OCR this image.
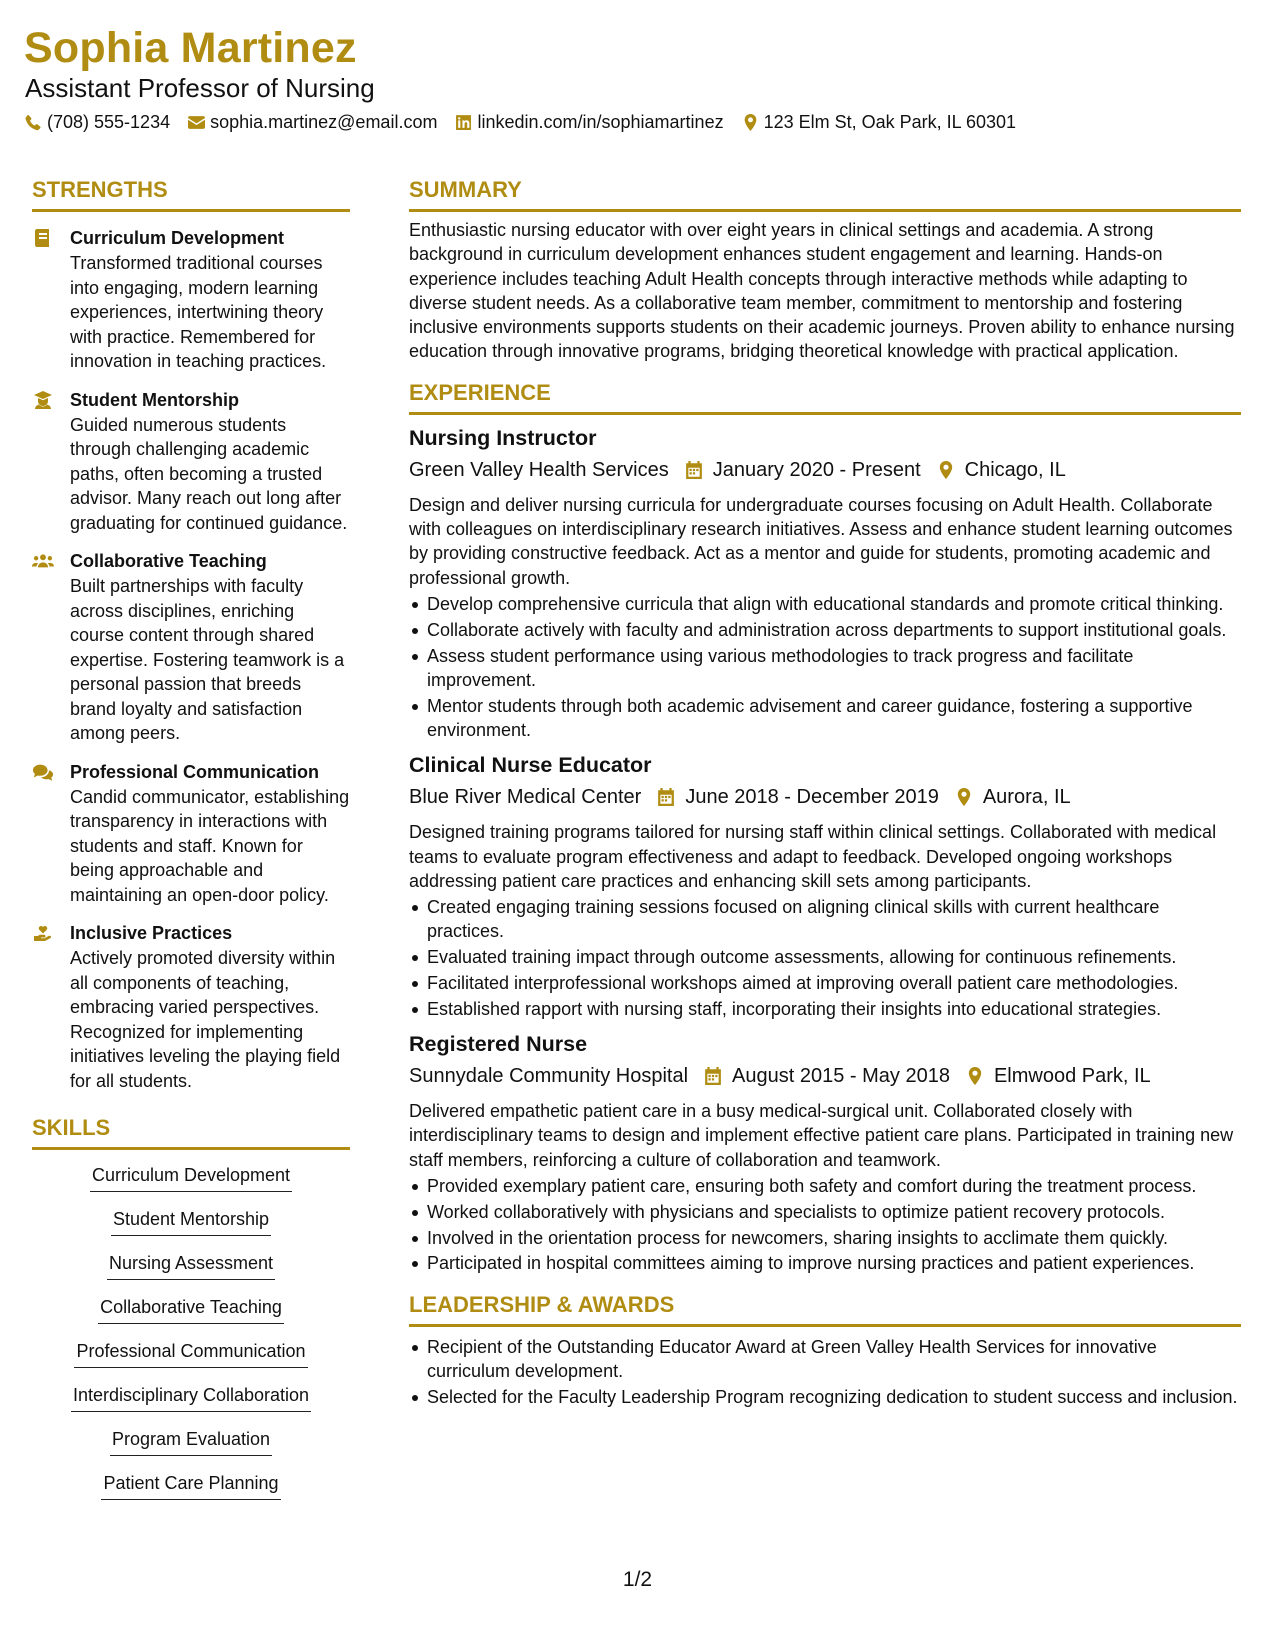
Sophia Martinez
Assistant Professor of Nursing
(708) 555-1234 sophia.martinez@email.com linkedin.com/in/sophiamartinez 123 Elm St, Oak Park, IL 60301
STRENGTHS
Curriculum Development
Transformed traditional courses into engaging, modern learning experiences, intertwining theory with practice. Remembered for innovation in teaching practices.
Student Mentorship
Guided numerous students through challenging academic paths, often becoming a trusted advisor. Many reach out long after graduating for continued guidance.
Collaborative Teaching
Built partnerships with faculty across disciplines, enriching course content through shared expertise. Fostering teamwork is a personal passion that breeds brand loyalty and satisfaction among peers.
Professional Communication
Candid communicator, establishing transparency in interactions with students and staff. Known for being approachable and maintaining an open-door policy.
Inclusive Practices
Actively promoted diversity within all components of teaching, embracing varied perspectives. Recognized for implementing initiatives leveling the playing field for all students.
SKILLS
Curriculum Development
Student Mentorship
Nursing Assessment
Collaborative Teaching
Professional Communication
Interdisciplinary Collaboration
Program Evaluation
Patient Care Planning
SUMMARY
Enthusiastic nursing educator with over eight years in clinical settings and academia. A strong background in curriculum development enhances student engagement and learning. Hands-on experience includes teaching Adult Health concepts through interactive methods while adapting to diverse student needs. As a collaborative team member, commitment to mentorship and fostering inclusive environments supports students on their academic journeys. Proven ability to enhance nursing education through innovative programs, bridging theoretical knowledge with practical application.
EXPERIENCE
Nursing Instructor
Green Valley Health Services January 2020 - Present Chicago, IL
Design and deliver nursing curricula for undergraduate courses focusing on Adult Health. Collaborate with colleagues on interdisciplinary research initiatives. Assess and enhance student learning outcomes by providing constructive feedback. Act as a mentor and guide for students, promoting academic and professional growth.
Develop comprehensive curricula that align with educational standards and promote critical thinking.
Collaborate actively with faculty and administration across departments to support institutional goals.
Assess student performance using various methodologies to track progress and facilitate improvement.
Mentor students through both academic advisement and career guidance, fostering a supportive environment.
Clinical Nurse Educator
Blue River Medical Center June 2018 - December 2019 Aurora, IL
Designed training programs tailored for nursing staff within clinical settings. Collaborated with medical teams to evaluate program effectiveness and adapt to feedback. Developed ongoing workshops addressing patient care practices and enhancing skill sets among participants.
Created engaging training sessions focused on aligning clinical skills with current healthcare practices.
Evaluated training impact through outcome assessments, allowing for continuous refinements.
Facilitated interprofessional workshops aimed at improving overall patient care methodologies.
Established rapport with nursing staff, incorporating their insights into educational strategies.
Registered Nurse
Sunnydale Community Hospital August 2015 - May 2018 Elmwood Park, IL
Delivered empathetic patient care in a busy medical-surgical unit. Collaborated closely with interdisciplinary teams to design and implement effective patient care plans. Participated in training new staff members, reinforcing a culture of collaboration and teamwork.
Provided exemplary patient care, ensuring both safety and comfort during the treatment process.
Worked collaboratively with physicians and specialists to optimize patient recovery protocols.
Involved in the orientation process for newcomers, sharing insights to acclimate them quickly.
Participated in hospital committees aiming to improve nursing practices and patient experiences.
LEADERSHIP & AWARDS
Recipient of the Outstanding Educator Award at Green Valley Health Services for innovative curriculum development.
Selected for the Faculty Leadership Program recognizing dedication to student success and inclusion.
1/2
